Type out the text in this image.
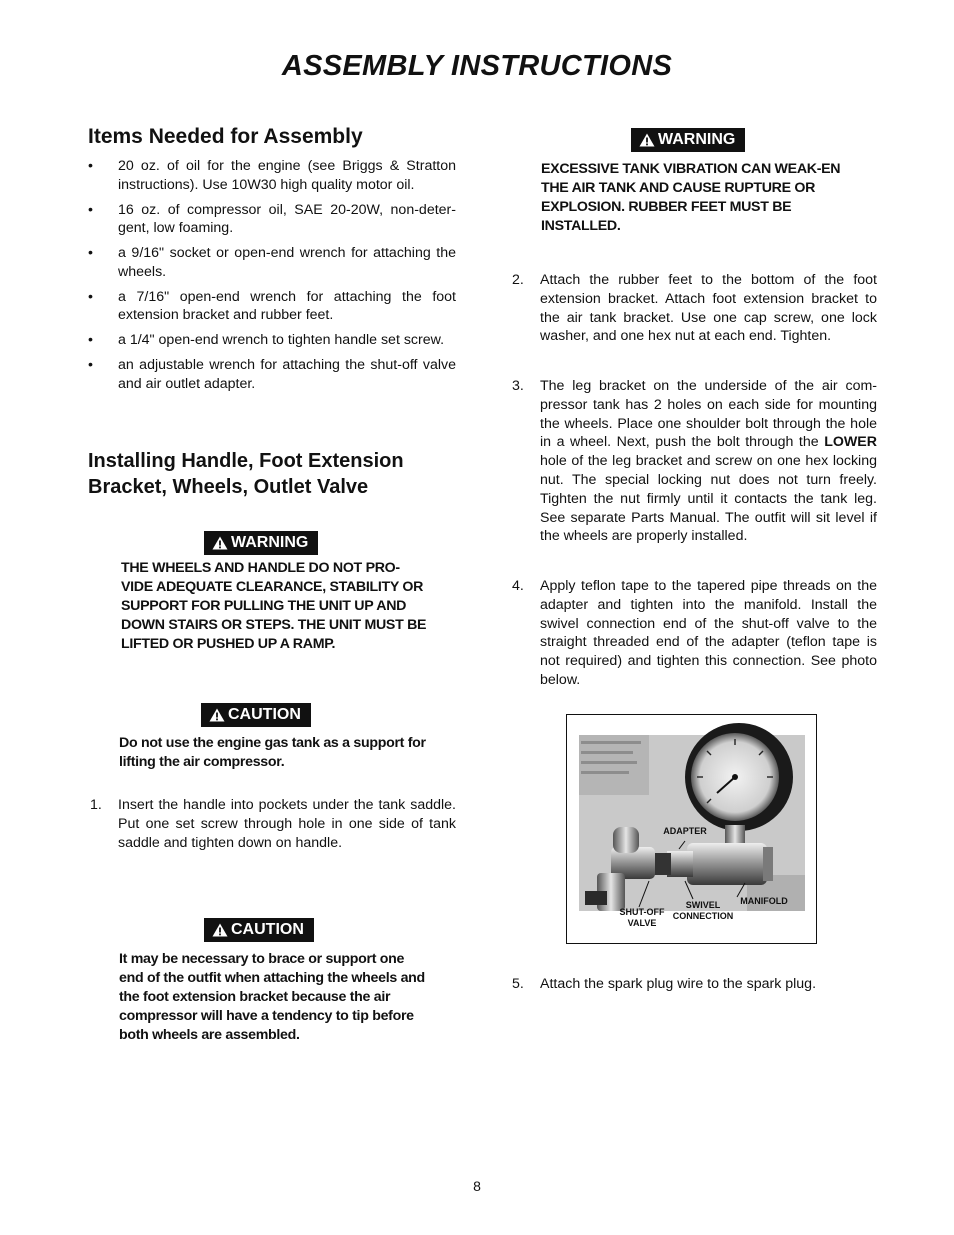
ASSEMBLY INSTRUCTIONS
Items Needed for Assembly
• 20 oz. of oil for the engine (see Briggs & Stratton instructions). Use 10W30 high quality motor oil.
• 16 oz. of compressor oil, SAE 20-20W, non-deter-gent, low foaming.
• a 9/16" socket or open-end wrench for attaching the wheels.
• a 7/16" open-end wrench for attaching the foot extension bracket and rubber feet.
• a 1/4" open-end wrench to tighten handle set screw.
• an adjustable wrench for attaching the shut-off valve and air outlet adapter.
Installing Handle, Foot Extension
Bracket, Wheels, Outlet Valve
WARNING
THE WHEELS AND HANDLE DO NOT PRO-VIDE ADEQUATE CLEARANCE, STABILITY OR SUPPORT FOR PULLING THE UNIT UP AND DOWN STAIRS OR STEPS. THE UNIT MUST BE LIFTED OR PUSHED UP A RAMP.
CAUTION
Do not use the engine gas tank as a support for lifting the air compressor.
1. Insert the handle into pockets under the tank saddle. Put one set screw through hole in one side of tank saddle and tighten down on handle.
CAUTION
It may be necessary to brace or support one end of the outfit when attaching the wheels and the foot extension bracket because the air compressor will have a tendency to tip before both wheels are assembled.
WARNING
EXCESSIVE TANK VIBRATION CAN WEAK-EN THE AIR TANK AND CAUSE RUPTURE OR EXPLOSION. RUBBER FEET MUST BE INSTALLED.
2. Attach the rubber feet to the bottom of the foot extension bracket. Attach foot extension bracket to the air tank bracket. Use one cap screw, one lock washer, and one hex nut at each end. Tighten.
3. The leg bracket on the underside of the air com-pressor tank has 2 holes on each side for mounting the wheels. Place one shoulder bolt through the hole in a wheel. Next, push the bolt through the LOWER hole of the leg bracket and screw on one hex locking nut. The special locking nut does not turn freely. Tighten the nut firmly until it contacts the tank leg. See separate Parts Manual. The outfit will sit level if the wheels are properly installed.
4. Apply teflon tape to the tapered pipe threads on the adapter and tighten into the manifold. Install the swivel connection end of the shut-off valve to the straight threaded end of the adapter (teflon tape is not required) and tighten this connection. See photo below.
ADAPTER
MANIFOLD
SWIVEL
CONNECTION
SHUT-OFF
VALVE
5. Attach the spark plug wire to the spark plug.
8
